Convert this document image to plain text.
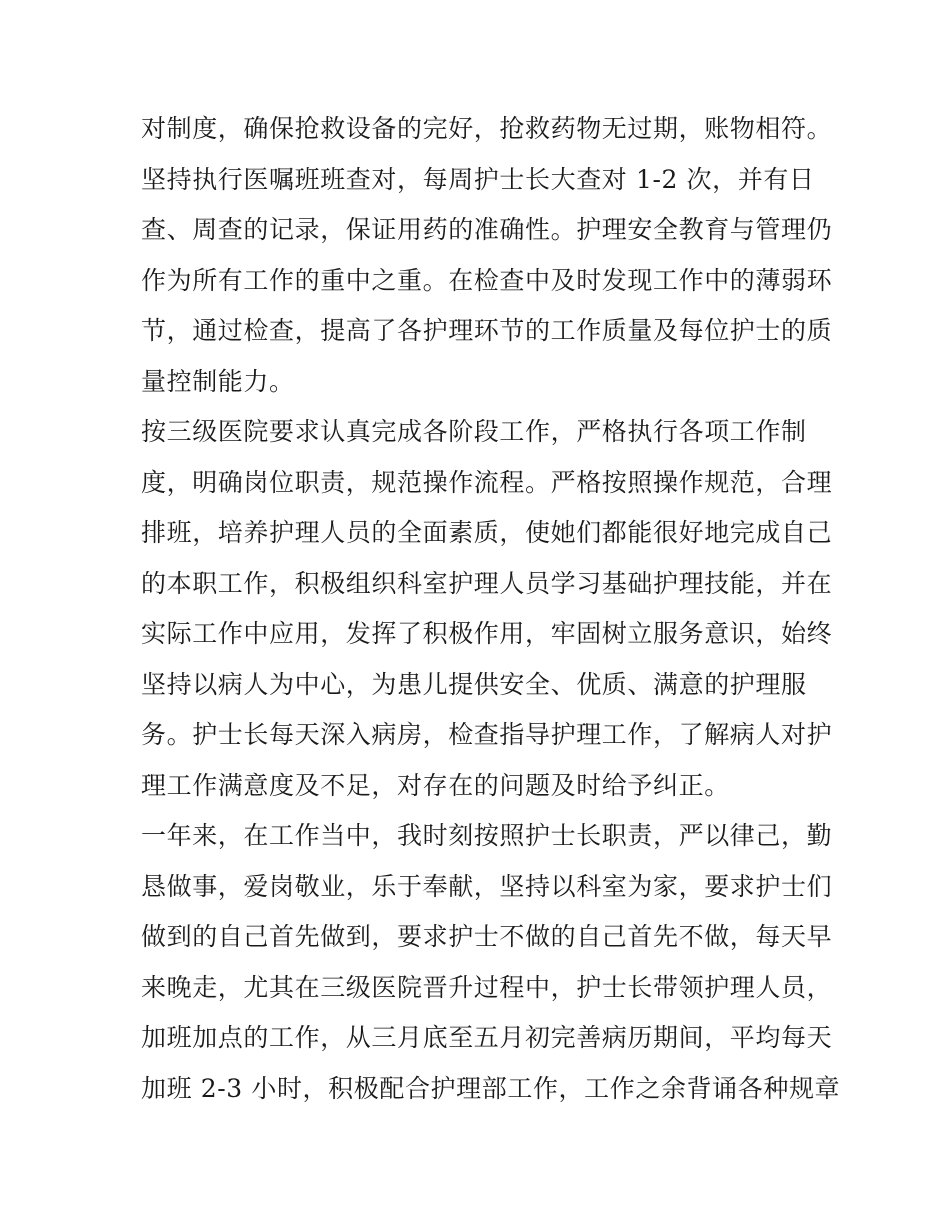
对制度，确保抢救设备的完好，抢救药物无过期，账物相符。
坚持执行医嘱班班查对，每周护士长大查对 1-2 次，并有日
查、周查的记录，保证用药的准确性。护理安全教育与管理仍
作为所有工作的重中之重。在检查中及时发现工作中的薄弱环
节，通过检查，提高了各护理环节的工作质量及每位护士的质
量控制能力。
按三级医院要求认真完成各阶段工作，严格执行各项工作制
度，明确岗位职责，规范操作流程。严格按照操作规范，合理
排班，培养护理人员的全面素质，使她们都能很好地完成自己
的本职工作，积极组织科室护理人员学习基础护理技能，并在
实际工作中应用，发挥了积极作用，牢固树立服务意识，始终
坚持以病人为中心，为患儿提供安全、优质、满意的护理服
务。护士长每天深入病房，检查指导护理工作，了解病人对护
理工作满意度及不足，对存在的问题及时给予纠正。
一年来，在工作当中，我时刻按照护士长职责，严以律己，勤
恳做事，爱岗敬业，乐于奉献，坚持以科室为家，要求护士们
做到的自己首先做到，要求护士不做的自己首先不做，每天早
来晚走，尤其在三级医院晋升过程中，护士长带领护理人员，
加班加点的工作，从三月底至五月初完善病历期间，平均每天
加班 2-3 小时，积极配合护理部工作，工作之余背诵各种规章
